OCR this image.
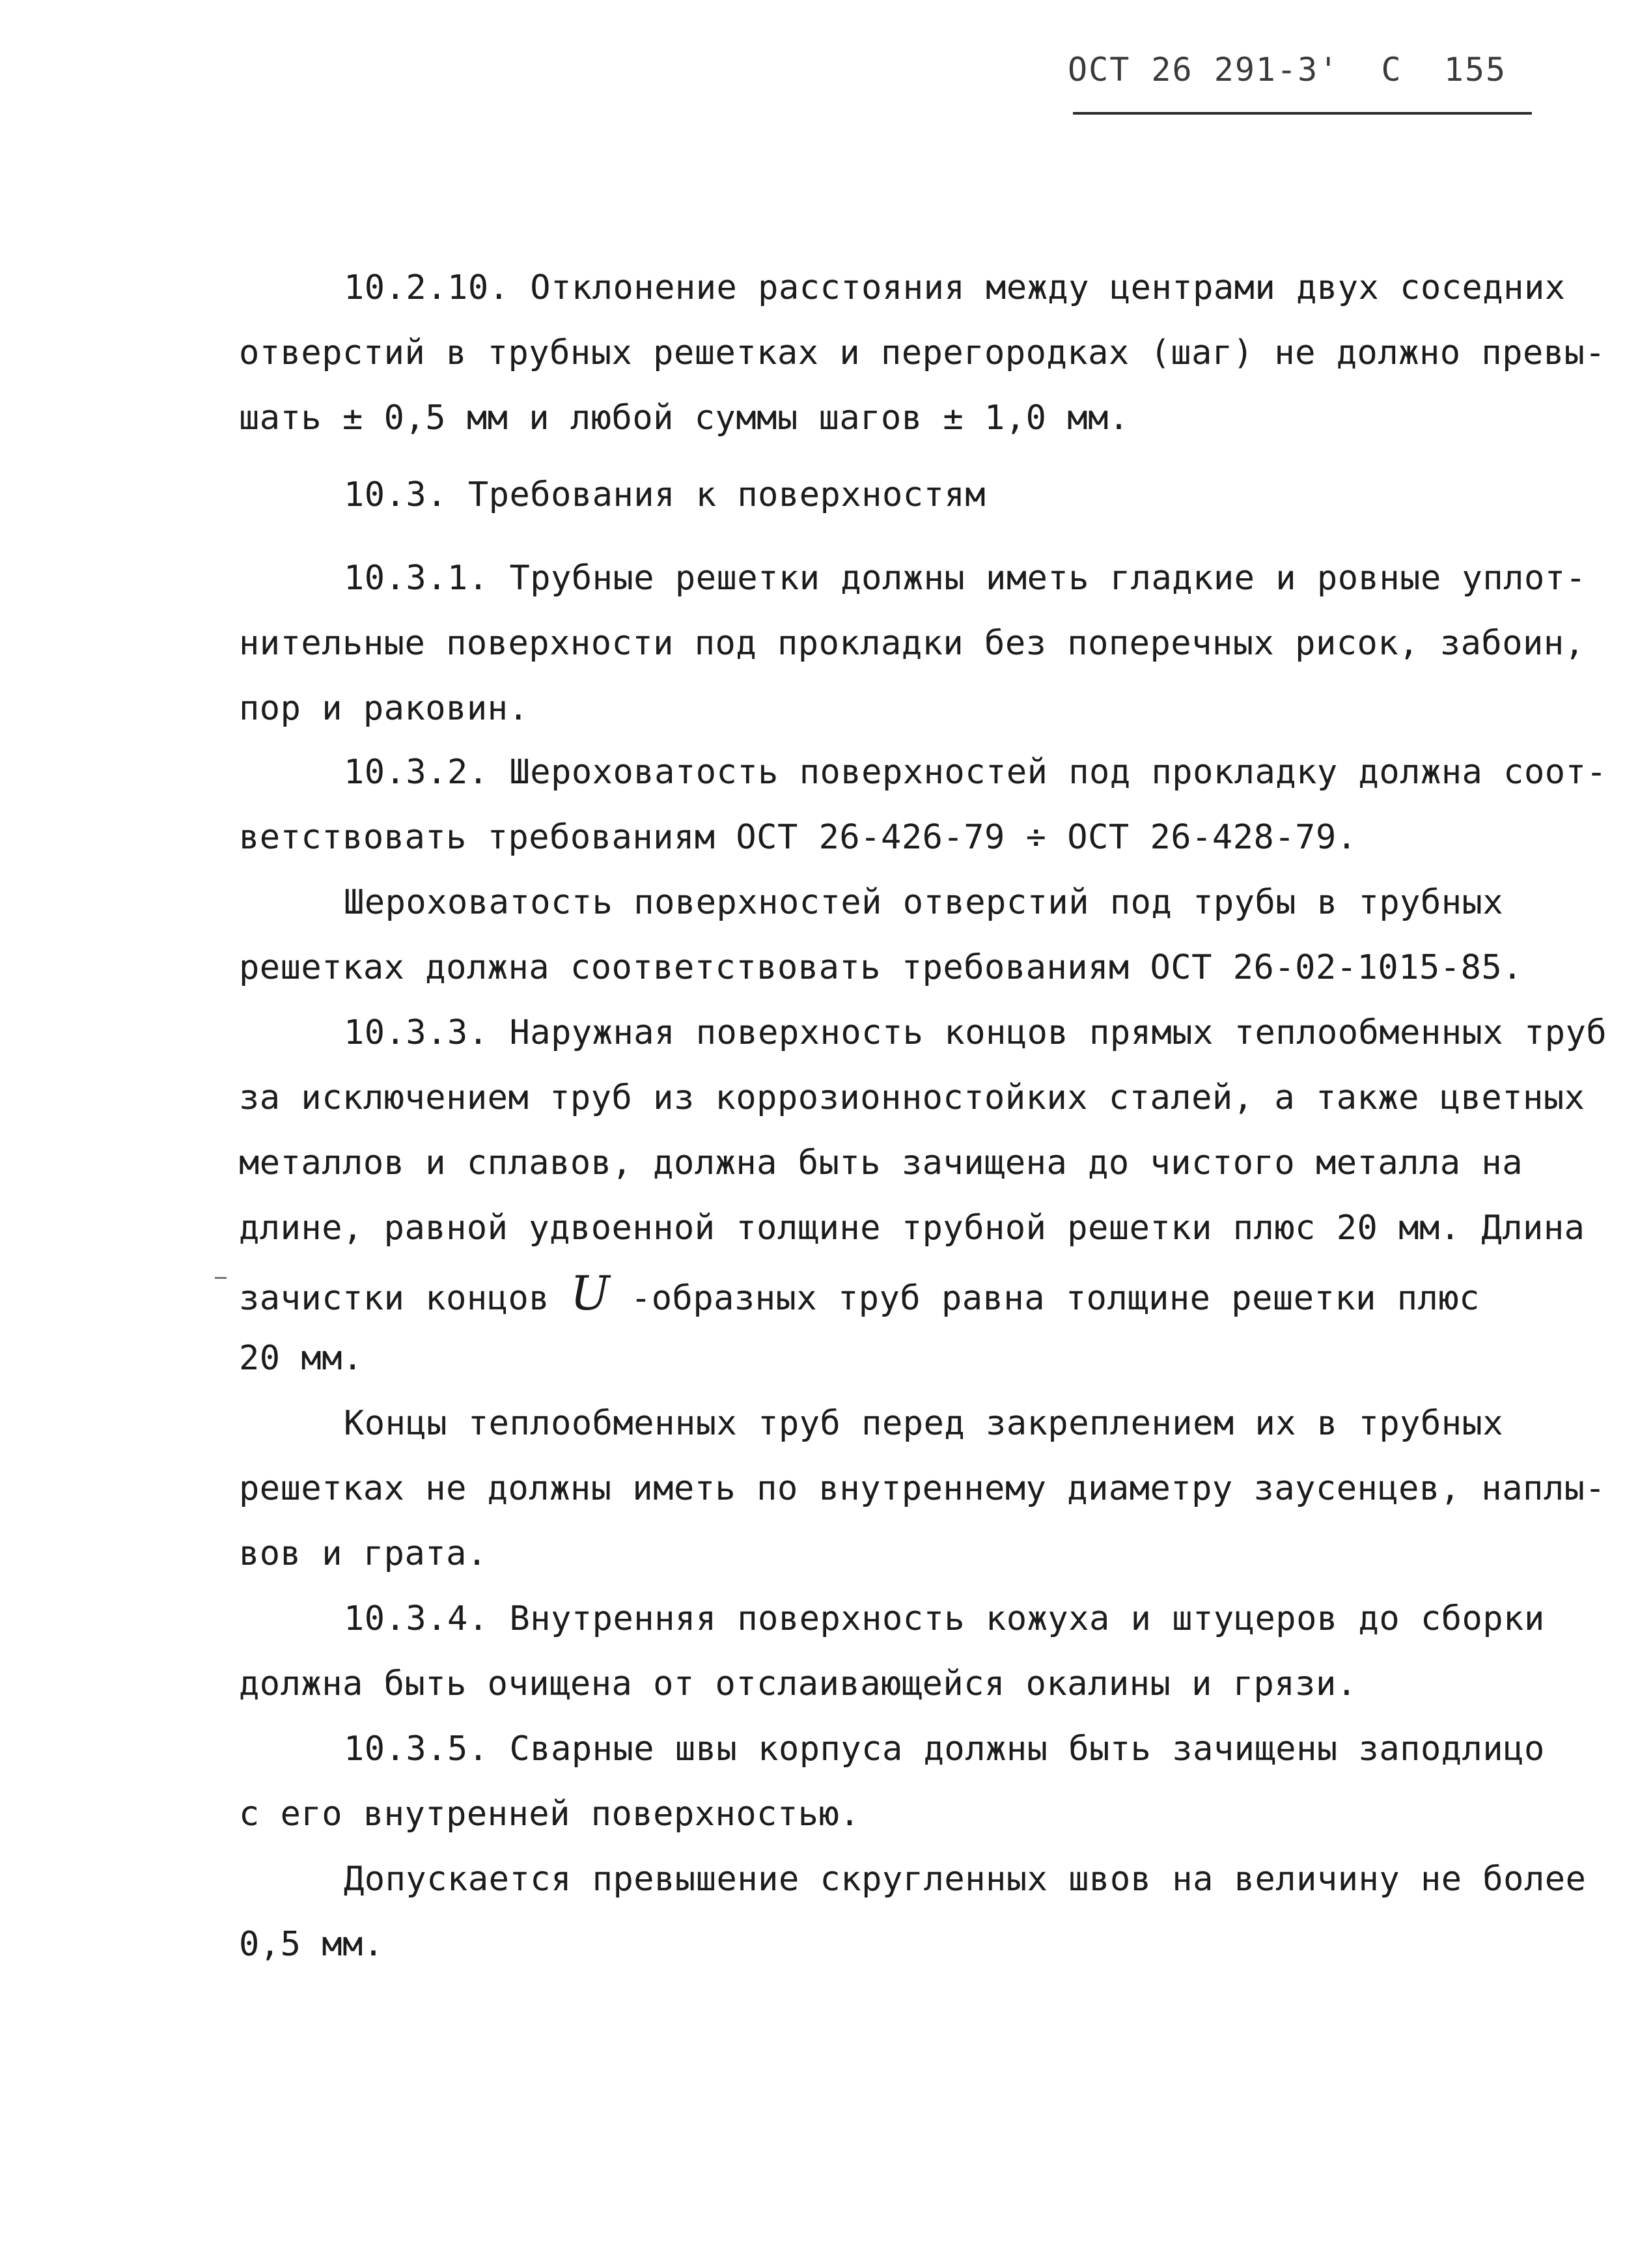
ОСТ 26 291-3'  С  155
10.2.10. Отклонение расстояния между центрами двух соседних
отверстий в трубных решетках и перегородках (шаг) не должно превы-
шать ± 0,5 мм и любой суммы шагов ± 1,0 мм.
10.3. Требования к поверхностям
10.3.1. Трубные решетки должны иметь гладкие и ровные уплот-
нительные поверхности под прокладки без поперечных рисок, забоин,
пор и раковин.
10.3.2. Шероховатость поверхностей под прокладку должна соот-
ветствовать требованиям ОСТ 26-426-79 ÷ ОСТ 26-428-79.
Шероховатость поверхностей отверстий под трубы в трубных
решетках должна соответствовать требованиям ОСТ 26-02-1015-85.
10.3.3. Наружная поверхность концов прямых теплообменных труб
за исключением труб из коррозионностойких сталей, а также цветных
металлов и сплавов, должна быть зачищена до чистого металла на
длине, равной удвоенной толщине трубной решетки плюс 20 мм. Длина
зачистки концов U -образных труб равна толщине решетки плюс
20 мм.
Концы теплообменных труб перед закреплением их в трубных
решетках не должны иметь по внутреннему диаметру заусенцев, наплы-
вов и грата.
10.3.4. Внутренняя поверхность кожуха и штуцеров до сборки
должна быть очищена от отслаивающейся окалины и грязи.
10.3.5. Сварные швы корпуса должны быть зачищены заподлицо
с его внутренней поверхностью.
Допускается превышение скругленных швов на величину не более
0,5 мм.
